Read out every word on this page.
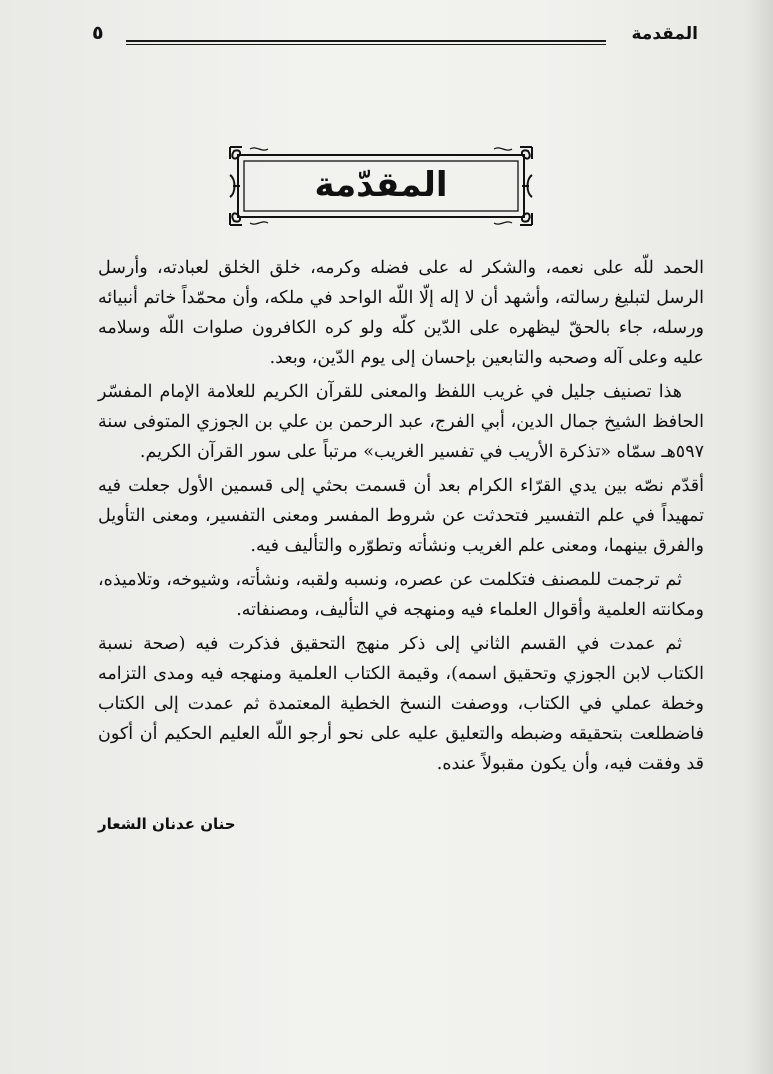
المقدمة
٥
المقدّمة

الحمد للّه على نعمه، والشكر له على فضله وكرمه، خلق الخلق لعبادته، وأرسل الرسل لتبليغ رسالته، وأشهد أن لا إله إلّا اللّه الواحد في ملكه، وأن محمّداً خاتم أنبيائه ورسله، جاء بالحقّ ليظهره على الدّين كلّه ولو كره الكافرون صلوات اللّه وسلامه عليه وعلى آله وصحبه والتابعين بإحسان إلى يوم الدّين، وبعد.

هذا تصنيف جليل في غريب اللفظ والمعنى للقرآن الكريم للعلامة الإمام المفسّر الحافظ الشيخ جمال الدين، أبي الفرج، عبد الرحمن بن علي بن الجوزي المتوفى سنة ٥٩٧هـ سمّاه «تذكرة الأريب في تفسير الغريب» مرتباً على سور القرآن الكريم.

أقدّم نصّه بين يدي القرّاء الكرام بعد أن قسمت بحثي إلى قسمين الأول جعلت فيه تمهيداً في علم التفسير فتحدثت عن شروط المفسر ومعنى التفسير، ومعنى التأويل والفرق بينهما، ومعنى علم الغريب ونشأته وتطوّره والتأليف فيه.

ثم ترجمت للمصنف فتكلمت عن عصره، ونسبه ولقبه، ونشأته، وشيوخه، وتلاميذه، ومكانته العلمية وأقوال العلماء فيه ومنهجه في التأليف، ومصنفاته.

ثم عمدت في القسم الثاني إلى ذكر منهج التحقيق فذكرت فيه (صحة نسبة الكتاب لابن الجوزي وتحقيق اسمه)، وقيمة الكتاب العلمية ومنهجه فيه ومدى التزامه وخطة عملي في الكتاب، ووصفت النسخ الخطية المعتمدة ثم عمدت إلى الكتاب فاضطلعت بتحقيقه وضبطه والتعليق عليه على نحو أرجو اللّه العليم الحكيم أن أكون قد وفقت فيه، وأن يكون مقبولاً عنده.

حنان عدنان الشعار
